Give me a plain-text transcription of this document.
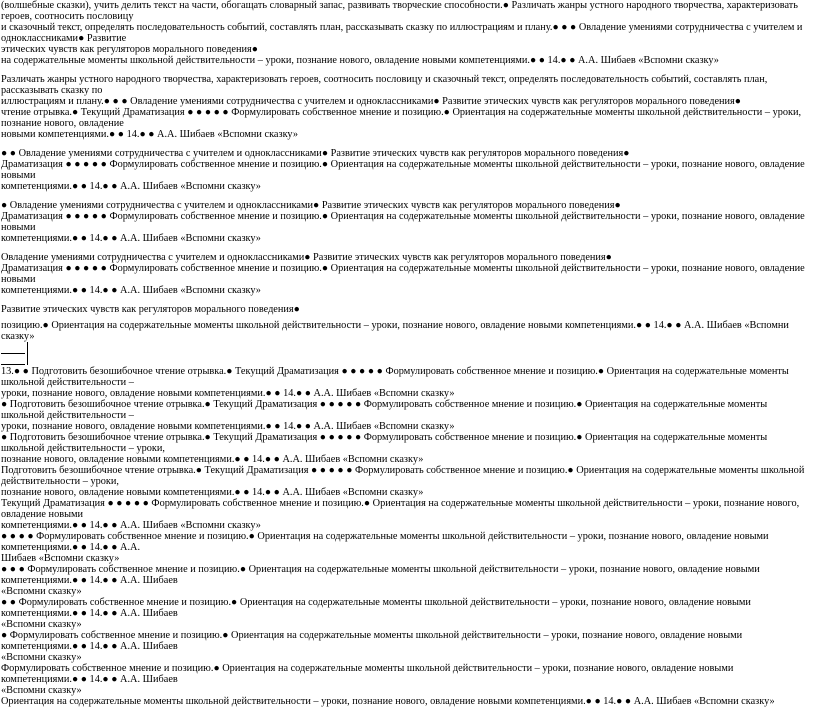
(волшебные сказки), учить делить текст на части, обогащать словарный запас, развивать творческие способности.● Различать жанры устного народного творчества, характеризовать героев, соотносить пословицу
и сказочный текст, определять последовательность событий, составлять план, рассказывать сказку по иллюстрациям и плану.● ● ● Овладение умениями сотрудничества с учителем и одноклассниками● Развитие
этических чувств как регуляторов морального поведения●
на содержательные моменты школьной действительности – уроки, познание нового, овладение новыми компетенциями.● ● 14.● ● А.А. Шибаев «Вспомни сказку»
Различать жанры устного народного творчества, характеризовать героев, соотносить пословицу и сказочный текст, определять последовательность событий, составлять план, рассказывать сказку по
иллюстрациям и плану.● ● ● Овладение умениями сотрудничества с учителем и одноклассниками● Развитие этических чувств как регуляторов морального поведения●
чтение отрывка.● Текущий Драматизация ● ● ● ● ● Формулировать собственное мнение и позицию.● Ориентация на содержательные моменты школьной действительности – уроки, познание нового, овладение
новыми компетенциями.● ● 14.● ● А.А. Шибаев «Вспомни сказку»
● ● Овладение умениями сотрудничества с учителем и одноклассниками● Развитие этических чувств как регуляторов морального поведения●
Драматизация ● ● ● ● ● Формулировать собственное мнение и позицию.● Ориентация на содержательные моменты школьной действительности – уроки, познание нового, овладение новыми
компетенциями.● ● 14.● ● А.А. Шибаев «Вспомни сказку»
● Овладение умениями сотрудничества с учителем и одноклассниками● Развитие этических чувств как регуляторов морального поведения●
Драматизация ● ● ● ● ● Формулировать собственное мнение и позицию.● Ориентация на содержательные моменты школьной действительности – уроки, познание нового, овладение новыми
компетенциями.● ● 14.● ● А.А. Шибаев «Вспомни сказку»
Овладение умениями сотрудничества с учителем и одноклассниками● Развитие этических чувств как регуляторов морального поведения●
Драматизация ● ● ● ● ● Формулировать собственное мнение и позицию.● Ориентация на содержательные моменты школьной действительности – уроки, познание нового, овладение новыми
компетенциями.● ● 14.● ● А.А. Шибаев «Вспомни сказку»
Развитие этических чувств как регуляторов морального поведения●
позицию.● Ориентация на содержательные моменты школьной действительности – уроки, познание нового, овладение новыми компетенциями.● ● 14.● ● А.А. Шибаев «Вспомни сказку»
13.● ● Подготовить безошибочное чтение отрывка.● Текущий Драматизация ● ● ● ● ● Формулировать собственное мнение и позицию.● Ориентация на содержательные моменты школьной действительности –
уроки, познание нового, овладение новыми компетенциями.● ● 14.● ● А.А. Шибаев «Вспомни сказку»
● Подготовить безошибочное чтение отрывка.● Текущий Драматизация ● ● ● ● ● Формулировать собственное мнение и позицию.● Ориентация на содержательные моменты школьной действительности –
уроки, познание нового, овладение новыми компетенциями.● ● 14.● ● А.А. Шибаев «Вспомни сказку»
● Подготовить безошибочное чтение отрывка.● Текущий Драматизация ● ● ● ● ● Формулировать собственное мнение и позицию.● Ориентация на содержательные моменты школьной действительности – уроки,
познание нового, овладение новыми компетенциями.● ● 14.● ● А.А. Шибаев «Вспомни сказку»
Подготовить безошибочное чтение отрывка.● Текущий Драматизация ● ● ● ● ● Формулировать собственное мнение и позицию.● Ориентация на содержательные моменты школьной действительности – уроки,
познание нового, овладение новыми компетенциями.● ● 14.● ● А.А. Шибаев «Вспомни сказку»
Текущий Драматизация ● ● ● ● ● Формулировать собственное мнение и позицию.● Ориентация на содержательные моменты школьной действительности – уроки, познание нового, овладение новыми
компетенциями.● ● 14.● ● А.А. Шибаев «Вспомни сказку»
● ● ● ● Формулировать собственное мнение и позицию.● Ориентация на содержательные моменты школьной действительности – уроки, познание нового, овладение новыми компетенциями.● ● 14.● ● А.А.
Шибаев «Вспомни сказку»
● ● ● Формулировать собственное мнение и позицию.● Ориентация на содержательные моменты школьной действительности – уроки, познание нового, овладение новыми компетенциями.● ● 14.● ● А.А. Шибаев
«Вспомни сказку»
● ● Формулировать собственное мнение и позицию.● Ориентация на содержательные моменты школьной действительности – уроки, познание нового, овладение новыми компетенциями.● ● 14.● ● А.А. Шибаев
«Вспомни сказку»
● Формулировать собственное мнение и позицию.● Ориентация на содержательные моменты школьной действительности – уроки, познание нового, овладение новыми компетенциями.● ● 14.● ● А.А. Шибаев
«Вспомни сказку»
Формулировать собственное мнение и позицию.● Ориентация на содержательные моменты школьной действительности – уроки, познание нового, овладение новыми компетенциями.● ● 14.● ● А.А. Шибаев
«Вспомни сказку»
Ориентация на содержательные моменты школьной действительности – уроки, познание нового, овладение новыми компетенциями.● ● 14.● ● А.А. Шибаев «Вспомни сказку»
